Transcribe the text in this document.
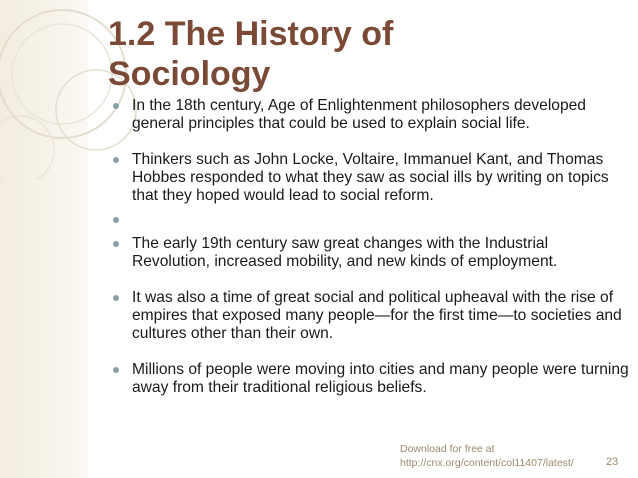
1.2 The History of
Sociology
In the 18th century, Age of Enlightenment philosophers developed general principles that could be used to explain social life.
Thinkers such as John Locke, Voltaire, Immanuel Kant, and Thomas Hobbes responded to what they saw as social ills by writing on topics that they hoped would lead to social reform.
The early 19th century saw great changes with the Industrial Revolution, increased mobility, and new kinds of employment.
It was also a time of great social and political upheaval with the rise of empires that exposed many people—for the first time—to societies and cultures other than their own.
Millions of people were moving into cities and many people were turning away from their traditional religious beliefs.
Download for free at
http://cnx.org/content/col11407/latest/	23
